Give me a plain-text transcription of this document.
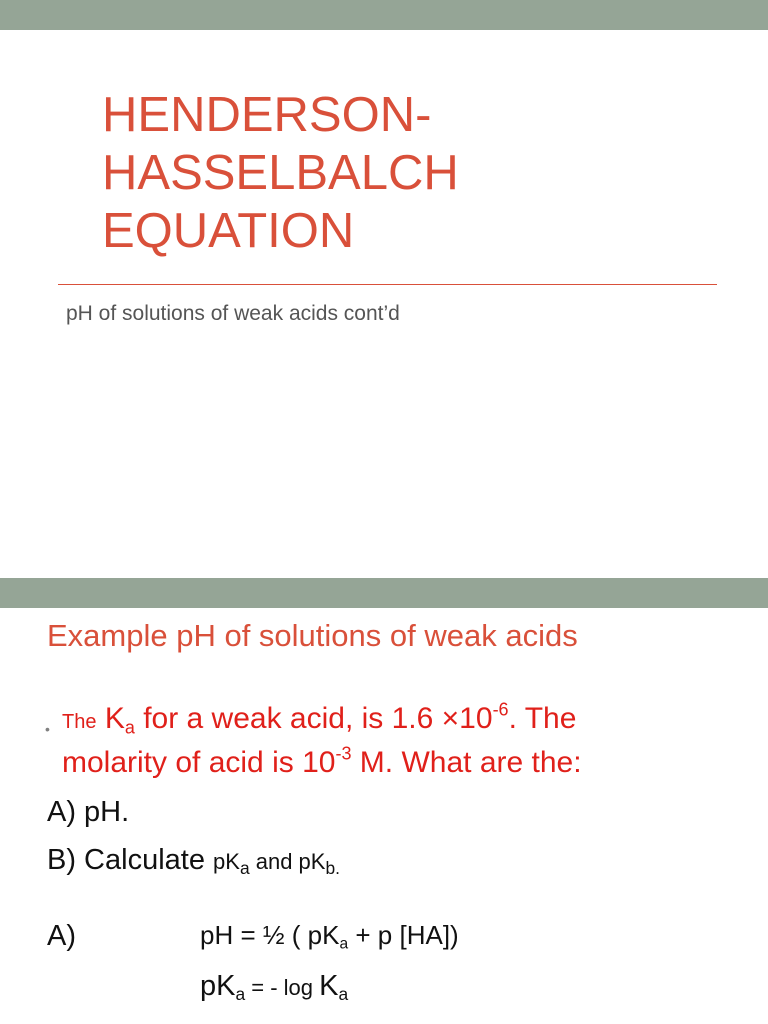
HENDERSON-
HASSELBALCH
EQUATION
pH of solutions of weak acids cont’d
Example pH of solutions of weak acids
• The $K_a$ for a weak acid, is $1.6 \times 10^{-6}$. The
molarity of acid is $10^{-3}$ M. What are the:
A) pH.
B) Calculate $pK_a$ and $pK_{b.}$
A)	pH = ½ ( $pK_a + p$ [HA])
$pK_a$ = - $\log K_a$
